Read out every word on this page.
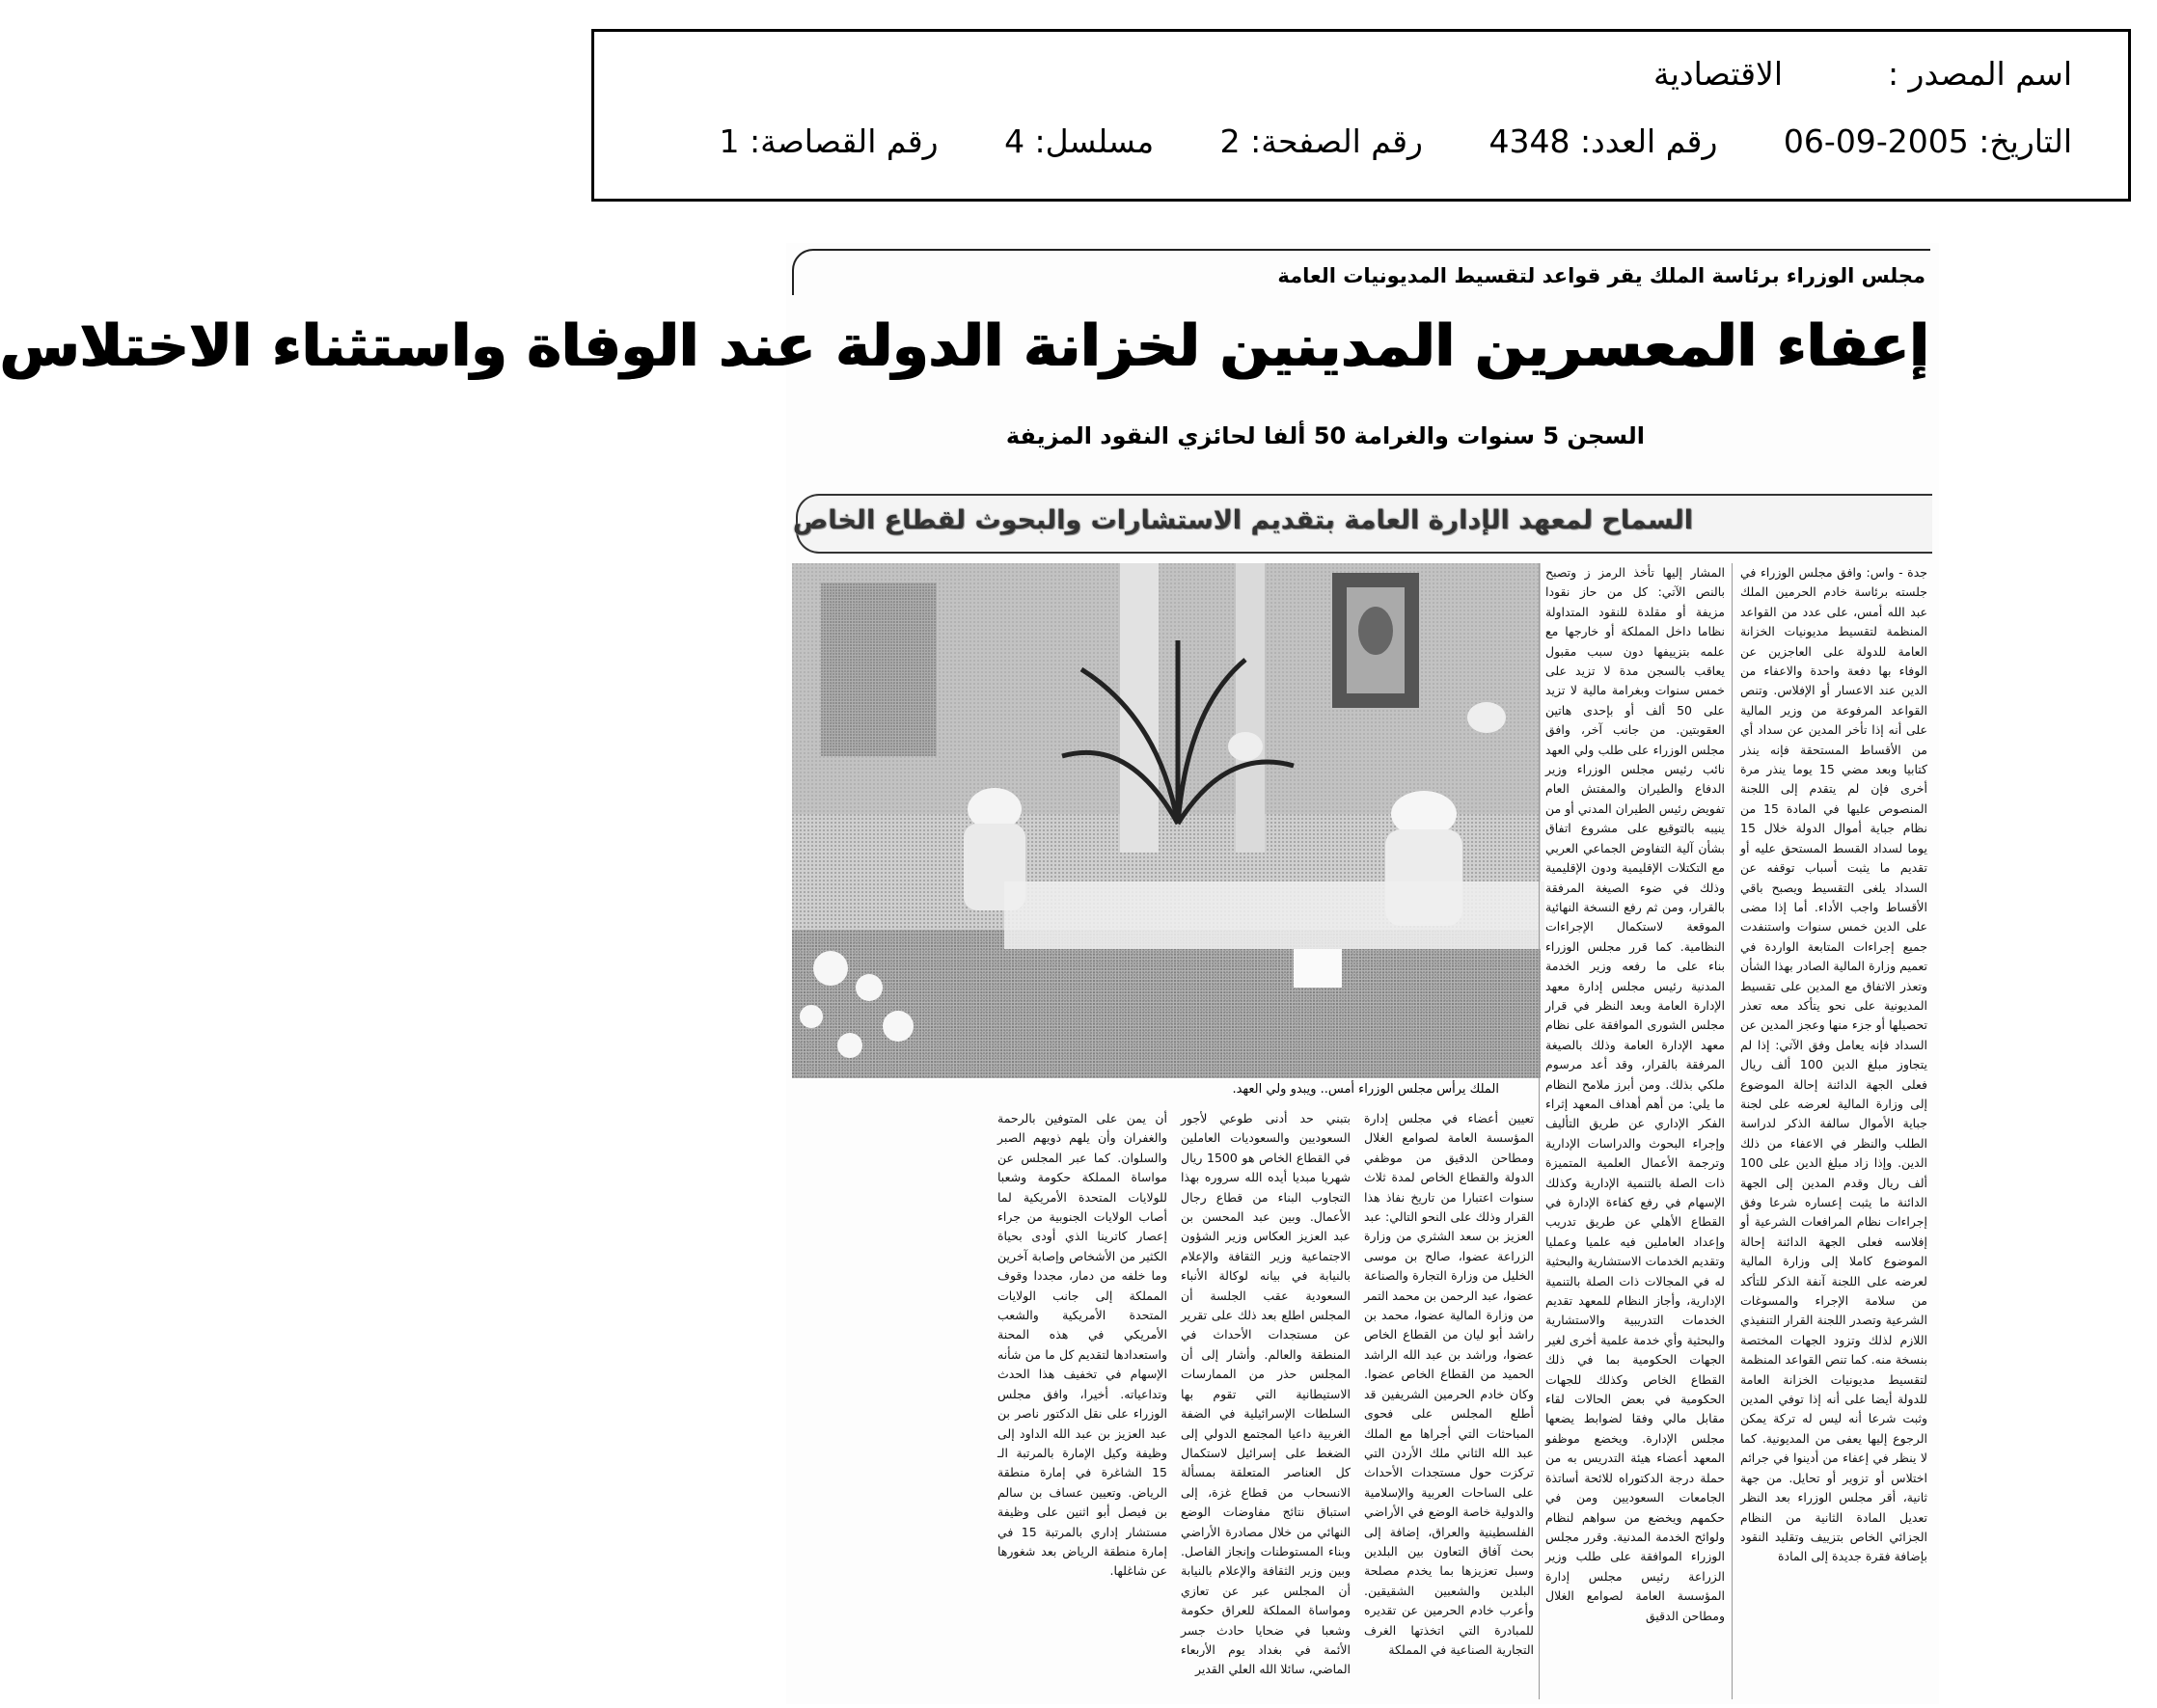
اسم المصدر :الاقتصادية
التاريخ: 2005-09-06 رقم العدد: 4348 رقم الصفحة: 2 مسلسل: 4 رقم القصاصة: 1
مجلس الوزراء برئاسة الملك يقر قواعد لتقسيط المديونيات العامة
إعفاء المعسرين المدينين لخزانة الدولة عند الوفاة واستثناء الاختلاس
السجن 5 سنوات والغرامة 50 ألفا لحائزي النقود المزيفة
السماح لمعهد الإدارة العامة بتقديم الاستشارات والبحوث لقطاع الخاص
الملك يرأس مجلس الوزراء أمس.. ويبدو ولي العهد.
جدة - واس: وافق مجلس الوزراء في جلسته برئاسة خادم الحرمين الملك عبد الله أمس، على عدد من القواعد المنظمة لتقسيط مديونيات الخزانة العامة للدولة على العاجزين عن الوفاء بها دفعة واحدة والاعفاء من الدين عند الاعسار أو الإفلاس. وتنص القواعد المرفوعة من وزير المالية على أنه إذا تأخر المدين عن سداد أي من الأقساط المستحقة فإنه ينذر كتابيا وبعد مضي 15 يوما ينذر مرة أخرى فإن لم يتقدم إلى اللجنة المنصوص عليها في المادة 15 من نظام جباية أموال الدولة خلال 15 يوما لسداد القسط المستحق عليه أو تقديم ما يثبت أسباب توقفه عن السداد يلغى التقسيط ويصبح باقي الأقساط واجب الأداء. أما إذا مضى على الدين خمس سنوات واستنفدت جميع إجراءات المتابعة الواردة في تعميم وزارة المالية الصادر بهذا الشأن وتعذر الاتفاق مع المدين على تقسيط المديونية على نحو يتأكد معه تعذر تحصيلها أو جزء منها وعجز المدين عن السداد فإنه يعامل وفق الآتي: إذا لم يتجاوز مبلغ الدين 100 ألف ريال فعلى الجهة الدائنة إحالة الموضوع إلى وزارة المالية لعرضه على لجنة جباية الأموال سالفة الذكر لدراسة الطلب والنظر في الاعفاء من ذلك الدين. وإذا زاد مبلغ الدين على 100 ألف ريال وقدم المدين إلى الجهة الدائنة ما يثبت إعساره شرعا وفق إجراءات نظام المرافعات الشرعية أو إفلاسه فعلى الجهة الدائنة إحالة الموضوع كاملا إلى وزارة المالية لعرضه على اللجنة آنفة الذكر للتأكد من سلامة الإجراء والمسوغات الشرعية وتصدر اللجنة القرار التنفيذي اللازم لذلك وتزود الجهات المختصة بنسخة منه. كما تنص القواعد المنظمة لتقسيط مديونيات الخزانة العامة للدولة أيضا على أنه إذا توفي المدين وثبت شرعا أنه ليس له تركة يمكن الرجوع إليها يعفى من المديونية. كما لا ينظر في إعفاء من أدينوا في جرائم اختلاس أو تزوير أو تحايل. من جهة ثانية، أقر مجلس الوزراء بعد النظر تعديل المادة الثانية من النظام الجزائي الخاص بتزييف وتقليد النقود بإضافة فقرة جديدة إلى المادة
المشار إليها تأخذ الرمز ز وتصبح بالنص الآتي: كل من حاز نقودا مزيفة أو مقلدة للنقود المتداولة نظاما داخل المملكة أو خارجها مع علمه بتزييفها دون سبب مقبول يعاقب بالسجن مدة لا تزيد على خمس سنوات وبغرامة مالية لا تزيد على 50 ألف أو بإحدى هاتين العقوبتين. من جانب آخر، وافق مجلس الوزراء على طلب ولي العهد نائب رئيس مجلس الوزراء وزير الدفاع والطيران والمفتش العام تفويض رئيس الطيران المدني أو من ينيبه بالتوقيع على مشروع اتفاق بشأن آلية التفاوض الجماعي العربي مع التكتلات الإقليمية ودون الإقليمية وذلك في ضوء الصيغة المرفقة بالقرار، ومن ثم رفع النسخة النهائية الموقعة لاستكمال الإجراءات النظامية. كما قرر مجلس الوزراء بناء على ما رفعه وزير الخدمة المدنية رئيس مجلس إدارة معهد الإدارة العامة وبعد النظر في قرار مجلس الشورى الموافقة على نظام معهد الإدارة العامة وذلك بالصيغة المرفقة بالقرار، وقد أعد مرسوم ملكي بذلك. ومن أبرز ملامح النظام ما يلي: من أهم أهداف المعهد إثراء الفكر الإداري عن طريق التأليف وإجراء البحوث والدراسات الإدارية وترجمة الأعمال العلمية المتميزة ذات الصلة بالتنمية الإدارية وكذلك الإسهام في رفع كفاءة الإدارة في القطاع الأهلي عن طريق تدريب وإعداد العاملين فيه علميا وعمليا وتقديم الخدمات الاستشارية والبحثية له في المجالات ذات الصلة بالتنمية الإدارية، وأجاز النظام للمعهد تقديم الخدمات التدريبية والاستشارية والبحثية وأي خدمة علمية أخرى لغير الجهات الحكومية بما في ذلك القطاع الخاص وكذلك للجهات الحكومية في بعض الحالات لقاء مقابل مالي وفقا لضوابط يضعها مجلس الإدارة. ويخضع موظفو المعهد أعضاء هيئة التدريس به من حملة درجة الدكتوراه للائحة أساتذة الجامعات السعوديين ومن في حكمهم ويخضع من سواهم لنظام ولوائح الخدمة المدنية. وقرر مجلس الوزراء الموافقة على طلب وزير الزراعة رئيس مجلس إدارة المؤسسة العامة لصوامع الغلال ومطاحن الدقيق
تعيين أعضاء في مجلس إدارة المؤسسة العامة لصوامع الغلال ومطاحن الدقيق من موظفي الدولة والقطاع الخاص لمدة ثلاث سنوات اعتبارا من تاريخ نفاذ هذا القرار وذلك على النحو التالي: عبد العزيز بن سعد الشثري من وزارة الزراعة عضوا، صالح بن موسى الخليل من وزارة التجارة والصناعة عضوا، عبد الرحمن بن محمد التمر من وزارة المالية عضوا، محمد بن راشد أبو ليان من القطاع الخاص عضوا، وراشد بن عبد الله الراشد الحميد من القطاع الخاص عضوا. وكان خادم الحرمين الشريفين قد أطلع المجلس على فحوى المباحثات التي أجراها مع الملك عبد الله الثاني ملك الأردن التي تركزت حول مستجدات الأحداث على الساحات العربية والإسلامية والدولية خاصة الوضع في الأراضي الفلسطينية والعراق، إضافة إلى بحث آفاق التعاون بين البلدين وسبل تعزيزها بما يخدم مصلحة البلدين والشعبين الشقيقين. وأعرب خادم الحرمين عن تقديره للمبادرة التي اتخذتها الغرف التجارية الصناعية في المملكة
بتبني حد أدنى طوعي لأجور السعوديين والسعوديات العاملين في القطاع الخاص هو 1500 ريال شهريا مبديا أيده الله سروره بهذا التجاوب البناء من قطاع رجال الأعمال. وبين عبد المحسن بن عبد العزيز العكاس وزير الشؤون الاجتماعية وزير الثقافة والإعلام بالنيابة في بيانه لوكالة الأنباء السعودية عقب الجلسة أن المجلس اطلع بعد ذلك على تقرير عن مستجدات الأحداث في المنطقة والعالم. وأشار إلى أن المجلس حذر من الممارسات الاستيطانية التي تقوم بها السلطات الإسرائيلية في الضفة الغربية داعيا المجتمع الدولي إلى الضغط على إسرائيل لاستكمال كل العناصر المتعلقة بمسألة الانسحاب من قطاع غزة، إلى استباق نتائج مفاوضات الوضع النهائي من خلال مصادرة الأراضي وبناء المستوطنات وإنجاز الفاصل. وبين وزير الثقافة والإعلام بالنيابة أن المجلس عبر عن تعازي ومواساة المملكة للعراق حكومة وشعبا في ضحايا حادث جسر الأئمة في بغداد يوم الأربعاء الماضي، سائلا الله العلي القدير
أن يمن على المتوفين بالرحمة والغفران وأن يلهم ذويهم الصبر والسلوان. كما عبر المجلس عن مواساة المملكة حكومة وشعبا للولايات المتحدة الأمريكية لما أصاب الولايات الجنوبية من جراء إعصار كاترينا الذي أودى بحياة الكثير من الأشخاص وإصابة آخرين وما خلفه من دمار، مجددا وقوف المملكة إلى جانب الولايات المتحدة الأمريكية والشعب الأمريكي في هذه المحنة واستعدادها لتقديم كل ما من شأنه الإسهام في تخفيف هذا الحدث وتداعياته. أخيرا، وافق مجلس الوزراء على نقل الدكتور ناصر بن عبد العزيز بن عبد الله الداود إلى وظيفة وكيل الإمارة بالمرتبة الـ 15 الشاغرة في إمارة منطقة الرياض. وتعيين عساف بن سالم بن فيصل أبو اثنين على وظيفة مستشار إداري بالمرتبة 15 في إمارة منطقة الرياض بعد شغورها عن شاغلها.
